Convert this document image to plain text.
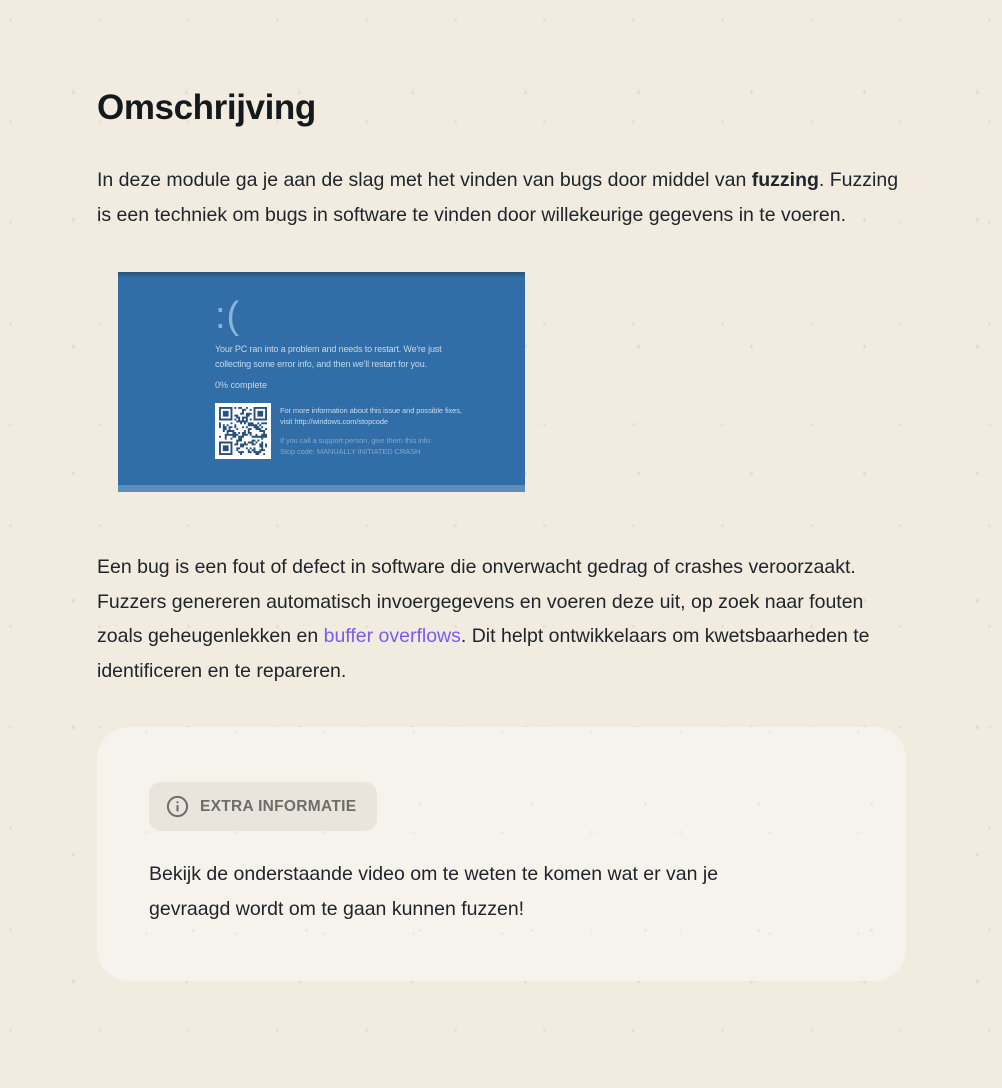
Omschrijving

In deze module ga je aan de slag met het vinden van bugs door middel van fuzzing. Fuzzing is een techniek om bugs in software te vinden door willekeurige gegevens in te voeren.

:(

Your PC ran into a problem and needs to restart. We're just collecting some error info, and then we'll restart for you.

0% complete

For more information about this issue and possible fixes, visit http://windows.com/stopcode
If you call a support person, give them this info:
Stop code: MANUALLY INITIATED CRASH

Een bug is een fout of defect in software die onverwacht gedrag of crashes veroorzaakt. Fuzzers genereren automatisch invoergegevens en voeren deze uit, op zoek naar fouten zoals geheugenlekken en buffer overflows. Dit helpt ontwikkelaars om kwetsbaarheden te identificeren en te repareren.

EXTRA INFORMATIE

Bekijk de onderstaande video om te weten te komen wat er van je gevraagd wordt om te gaan kunnen fuzzen!
